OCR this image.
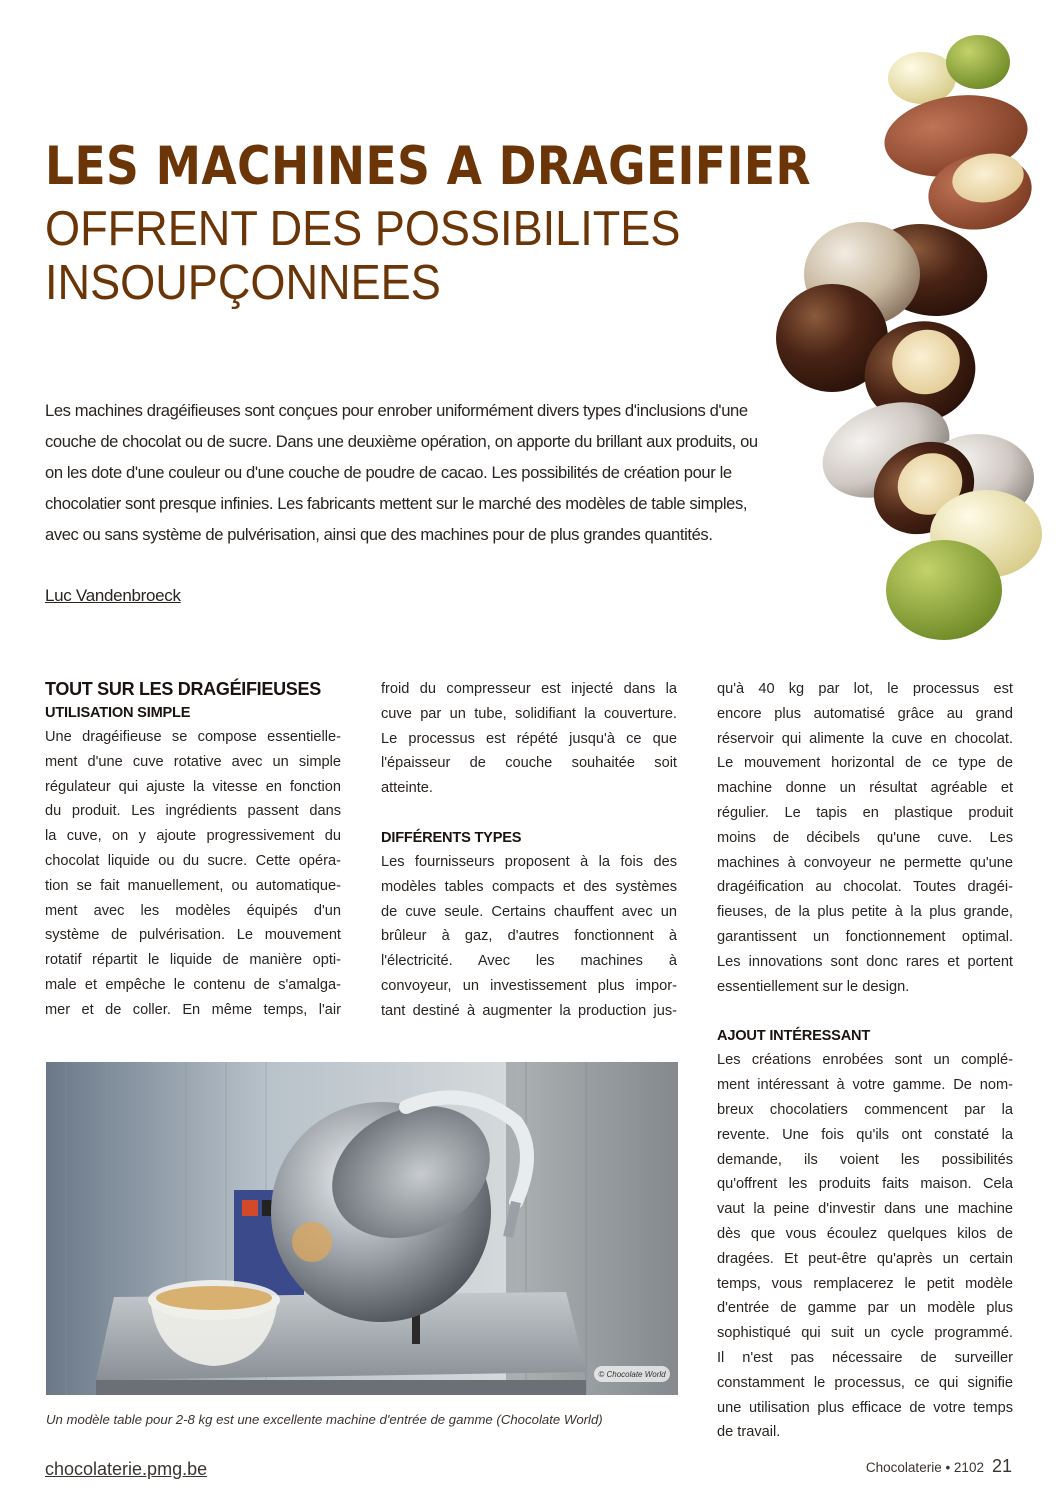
LES MACHINES A DRAGEIFIER
OFFRENT DES POSSIBILITES
INSOUPÇONNEES
Les machines dragéifieuses sont conçues pour enrober uniformément divers types d'inclusions d'une
couche de chocolat ou de sucre. Dans une deuxième opération, on apporte du brillant aux produits, ou
on les dote d'une couleur ou d'une couche de poudre de cacao. Les possibilités de création pour le
chocolatier sont presque infinies. Les fabricants mettent sur le marché des modèles de table simples,
avec ou sans système de pulvérisation, ainsi que des machines pour de plus grandes quantités.
Luc Vandenbroeck
TOUT SUR LES DRAGÉIFIEUSES
UTILISATION SIMPLE

Une dragéifieuse se compose essentielle-
ment d'une cuve rotative avec un simple
régulateur qui ajuste la vitesse en fonction
du produit. Les ingrédients passent dans
la cuve, on y ajoute progressivement du
chocolat liquide ou du sucre. Cette opéra-
tion se fait manuellement, ou automatique-
ment avec les modèles équipés d'un
système de pulvérisation. Le mouvement
rotatif répartit le liquide de manière opti-
male et empêche le contenu de s'amalga-
mer et de coller. En même temps, l'air

froid du compresseur est injecté dans la
cuve par un tube, solidifiant la couverture.
Le processus est répété jusqu'à ce que
l'épaisseur de couche souhaitée soit
atteinte.

DIFFÉRENTS TYPES

Les fournisseurs proposent à la fois des
modèles tables compacts et des systèmes
de cuve seule. Certains chauffent avec un
brûleur à gaz, d'autres fonctionnent à
l'électricité. Avec les machines à
convoyeur, un investissement plus impor-
tant destiné à augmenter la production jus-

qu'à 40 kg par lot, le processus est
encore plus automatisé grâce au grand
réservoir qui alimente la cuve en chocolat.
Le mouvement horizontal de ce type de
machine donne un résultat agréable et
régulier. Le tapis en plastique produit
moins de décibels qu'une cuve. Les
machines à convoyeur ne permette qu'une
dragéification au chocolat. Toutes dragéi-
fieuses, de la plus petite à la plus grande,
garantissent un fonctionnement optimal.
Les innovations sont donc rares et portent
essentiellement sur le design.

AJOUT INTÉRESSANT

Les créations enrobées sont un complé-
ment intéressant à votre gamme. De nom-
breux chocolatiers commencent par la
revente. Une fois qu'ils ont constaté la
demande, ils voient les possibilités
qu'offrent les produits faits maison. Cela
vaut la peine d'investir dans une machine
dès que vous écoulez quelques kilos de
dragées. Et peut-être qu'après un certain
temps, vous remplacerez le petit modèle
d'entrée de gamme par un modèle plus
sophistiqué qui suit un cycle programmé.
Il n'est pas nécessaire de surveiller
constamment le processus, ce qui signifie
une utilisation plus efficace de votre temps
de travail.

© Chocolate World
Un modèle table pour 2-8 kg est une excellente machine d'entrée de gamme (Chocolate World)
chocolaterie.pmg.be	Chocolaterie • 2102 21
